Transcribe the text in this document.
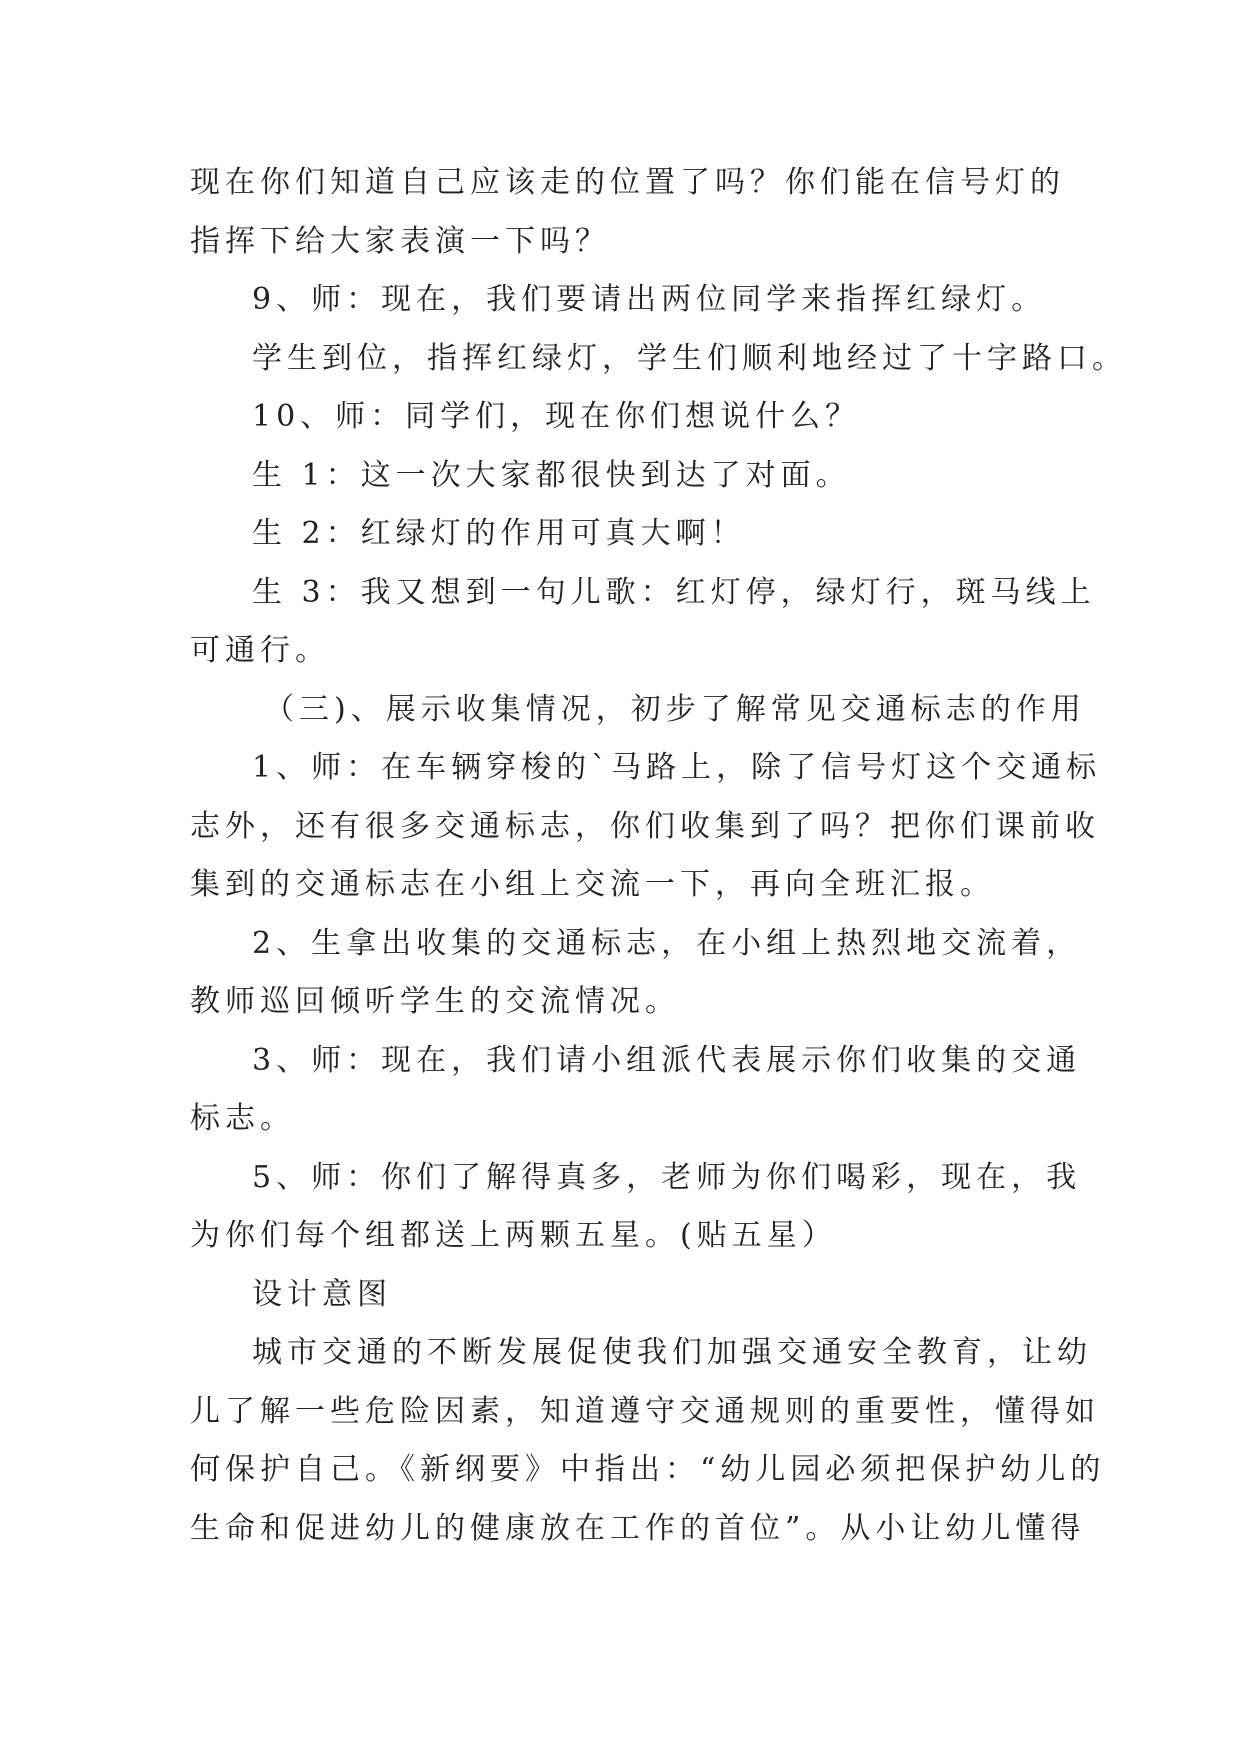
现在你们知道自己应该走的位置了吗？你们能在信号灯的
指挥下给大家表演一下吗？
9、师：现在，我们要请出两位同学来指挥红绿灯。
学生到位，指挥红绿灯，学生们顺利地经过了十字路口。
10、师：同学们，现在你们想说什么？
生 1：这一次大家都很快到达了对面。
生 2：红绿灯的作用可真大啊！
生 3：我又想到一句儿歌：红灯停，绿灯行，斑马线上
可通行。
（三)、展示收集情况，初步了解常见交通标志的作用
1、师：在车辆穿梭的`马路上，除了信号灯这个交通标
志外，还有很多交通标志，你们收集到了吗？把你们课前收
集到的交通标志在小组上交流一下，再向全班汇报。
2、生拿出收集的交通标志，在小组上热烈地交流着，
教师巡回倾听学生的交流情况。
3、师：现在，我们请小组派代表展示你们收集的交通
标志。
5、师：你们了解得真多，老师为你们喝彩，现在，我
为你们每个组都送上两颗五星。(贴五星）
设计意图
城市交通的不断发展促使我们加强交通安全教育，让幼
儿了解一些危险因素，知道遵守交通规则的重要性，懂得如
何保护自己。《新纲要》中指出：“幼儿园必须把保护幼儿的
生命和促进幼儿的健康放在工作的首位”。从小让幼儿懂得
